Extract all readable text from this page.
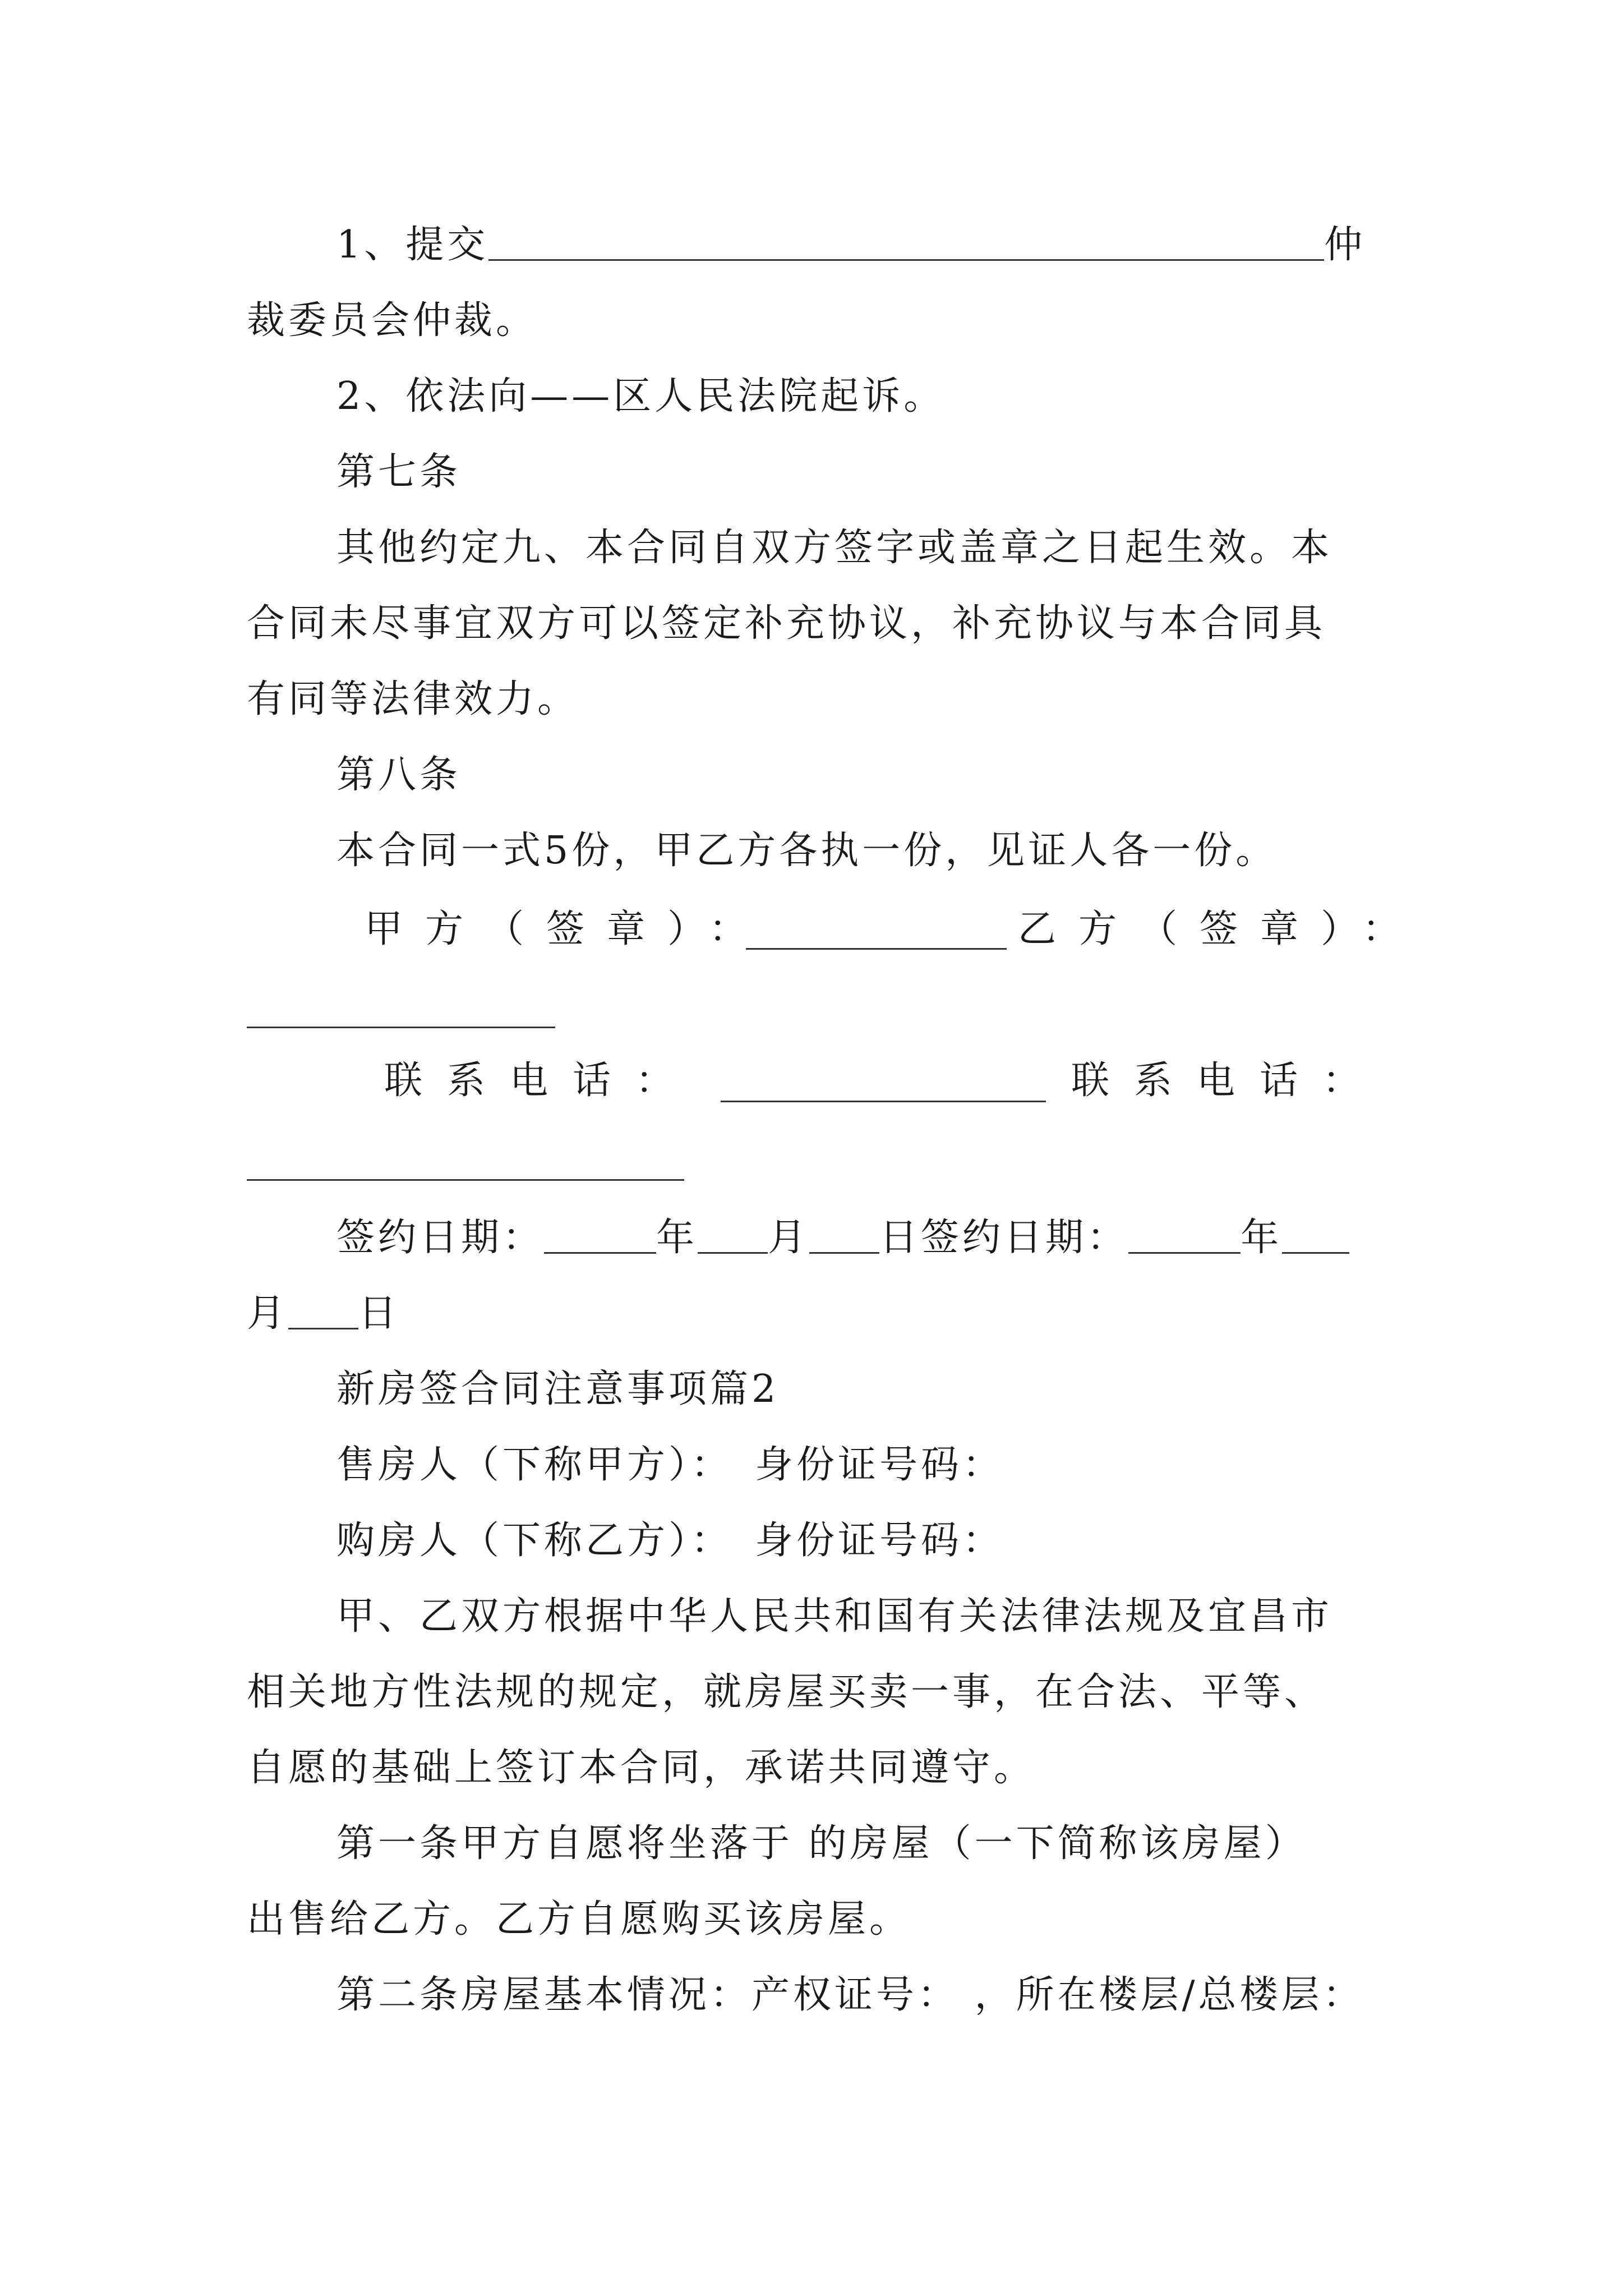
1、提交	仲

裁委员会仲裁。

2、依法向——区人民法院起诉。

第七条

其他约定九、本合同自双方签字或盖章之日起生效。本

合同未尽事宜双方可以签定补充协议，补充协议与本合同具

有同等法律效力。

第八条

本合同一式5份，甲乙方各执一份，见证人各一份。

甲方（签章）：	乙方（签章）：

联系电话：	联系电话：

签约日期：	年 月 日签约日期：	年

月 日

新房签合同注意事项篇2

售房人（下称甲方）： 身份证号码：

购房人（下称乙方）： 身份证号码：

甲、乙双方根据中华人民共和国有关法律法规及宜昌市

相关地方性法规的规定，就房屋买卖一事，在合法、平等、

自愿的基础上签订本合同，承诺共同遵守。

第一条甲方自愿将坐落于 的房屋（一下简称该房屋）

出售给乙方。乙方自愿购买该房屋。

第二条房屋基本情况：产权证号： ，所在楼层/总楼层：
